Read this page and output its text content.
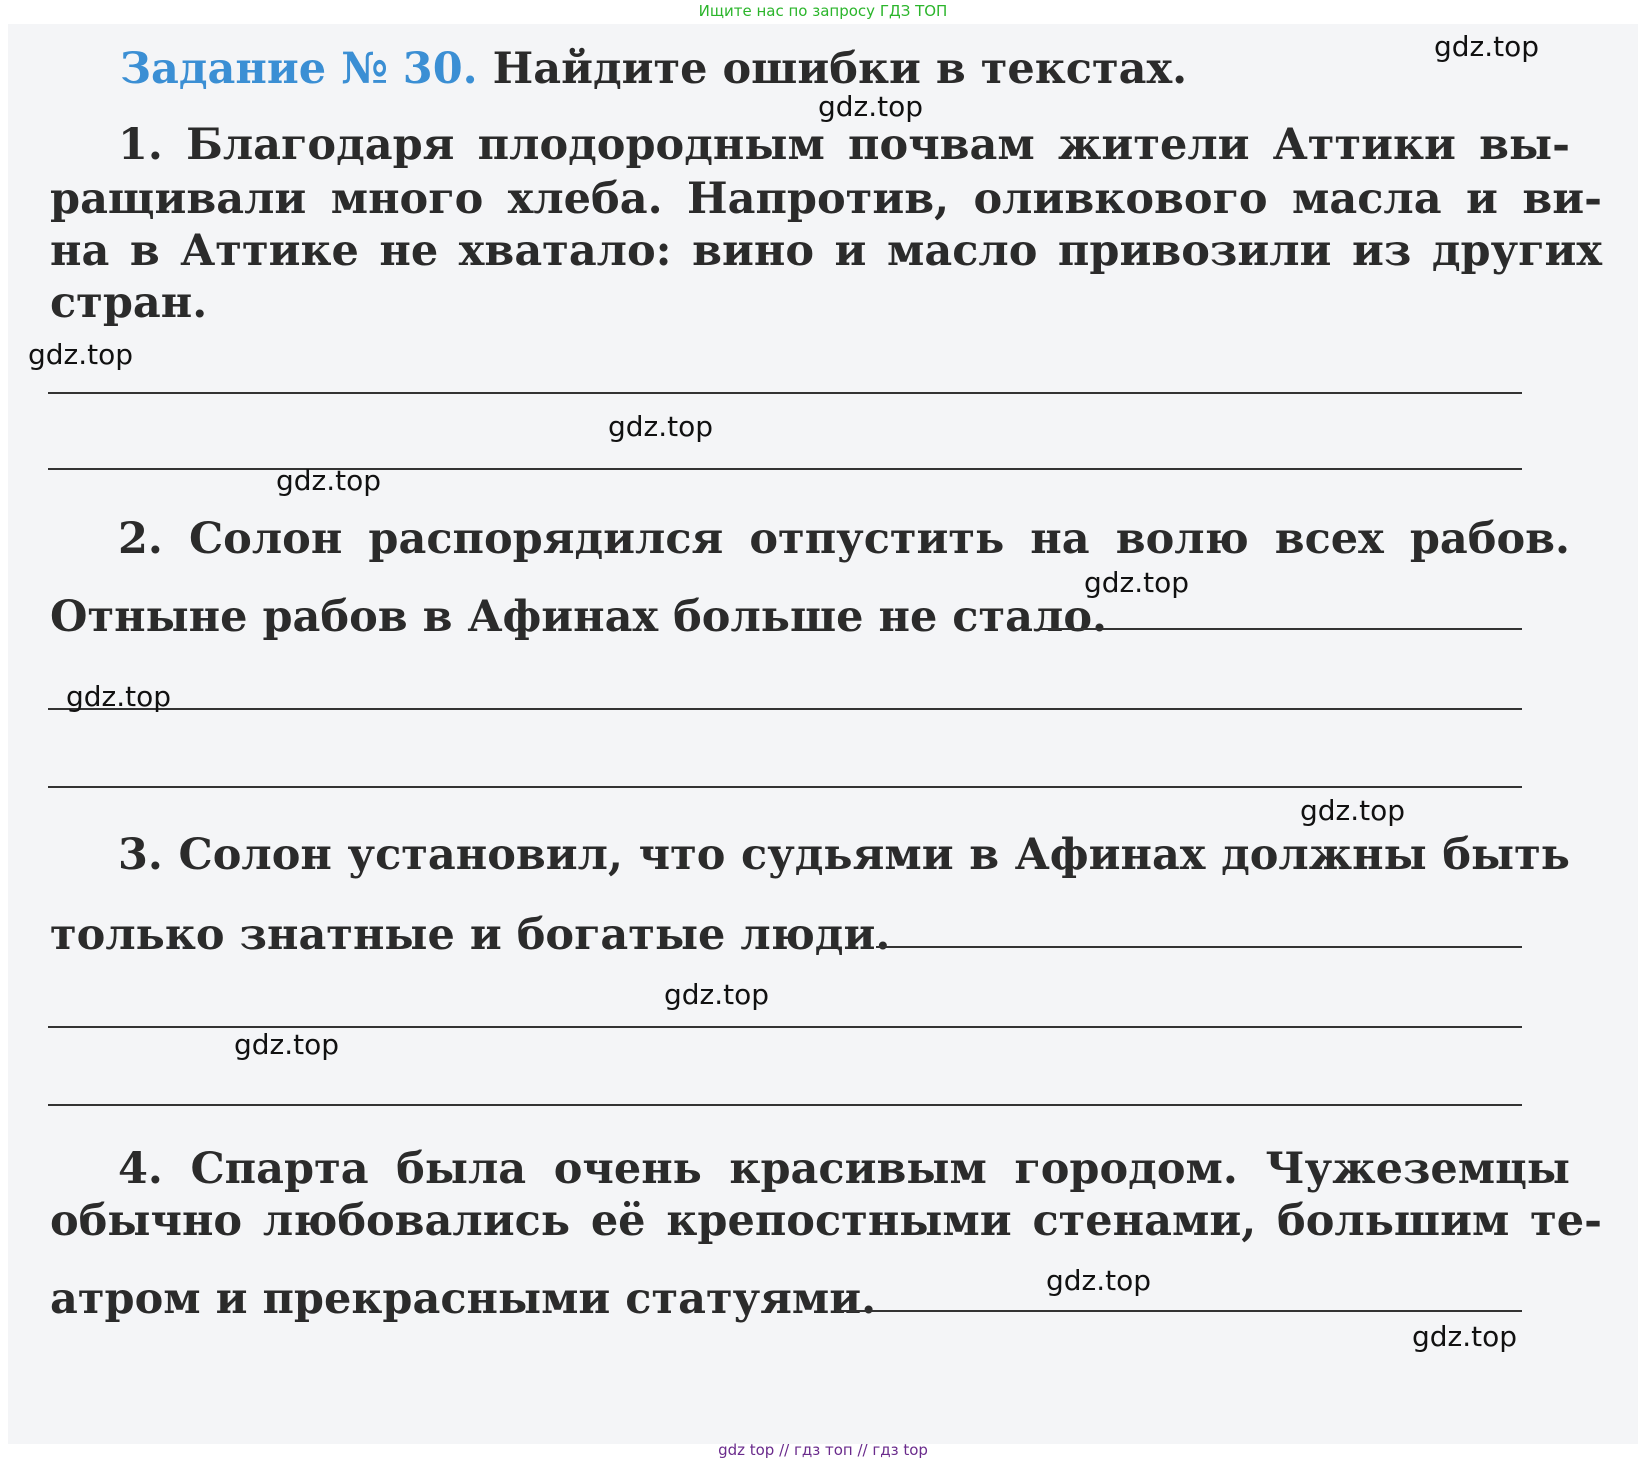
Ищите нас по запросу ГДЗ ТОП
Задание № 30. Найдите ошибки в текстах.
1. Благодаря плодородным почвам жители Аттики вы-
ращивали много хлеба. Напротив, оливкового масла и ви-
на в Аттике не хватало: вино и масло привозили из других
стран.
2. Солон распорядился отпустить на волю всех рабов.
Отныне рабов в Афинах больше не стало.
3. Солон установил, что судьями в Афинах должны быть
только знатные и богатые люди.
4. Спарта была очень красивым городом. Чужеземцы
обычно любовались её крепостными стенами, большим те-
атром и прекрасными статуями.
gdz.top
gdz.top
gdz.top
gdz.top
gdz.top
gdz.top
gdz.top
gdz.top
gdz.top
gdz.top
gdz.top
gdz.top
gdz top // гдз топ // гдз top
